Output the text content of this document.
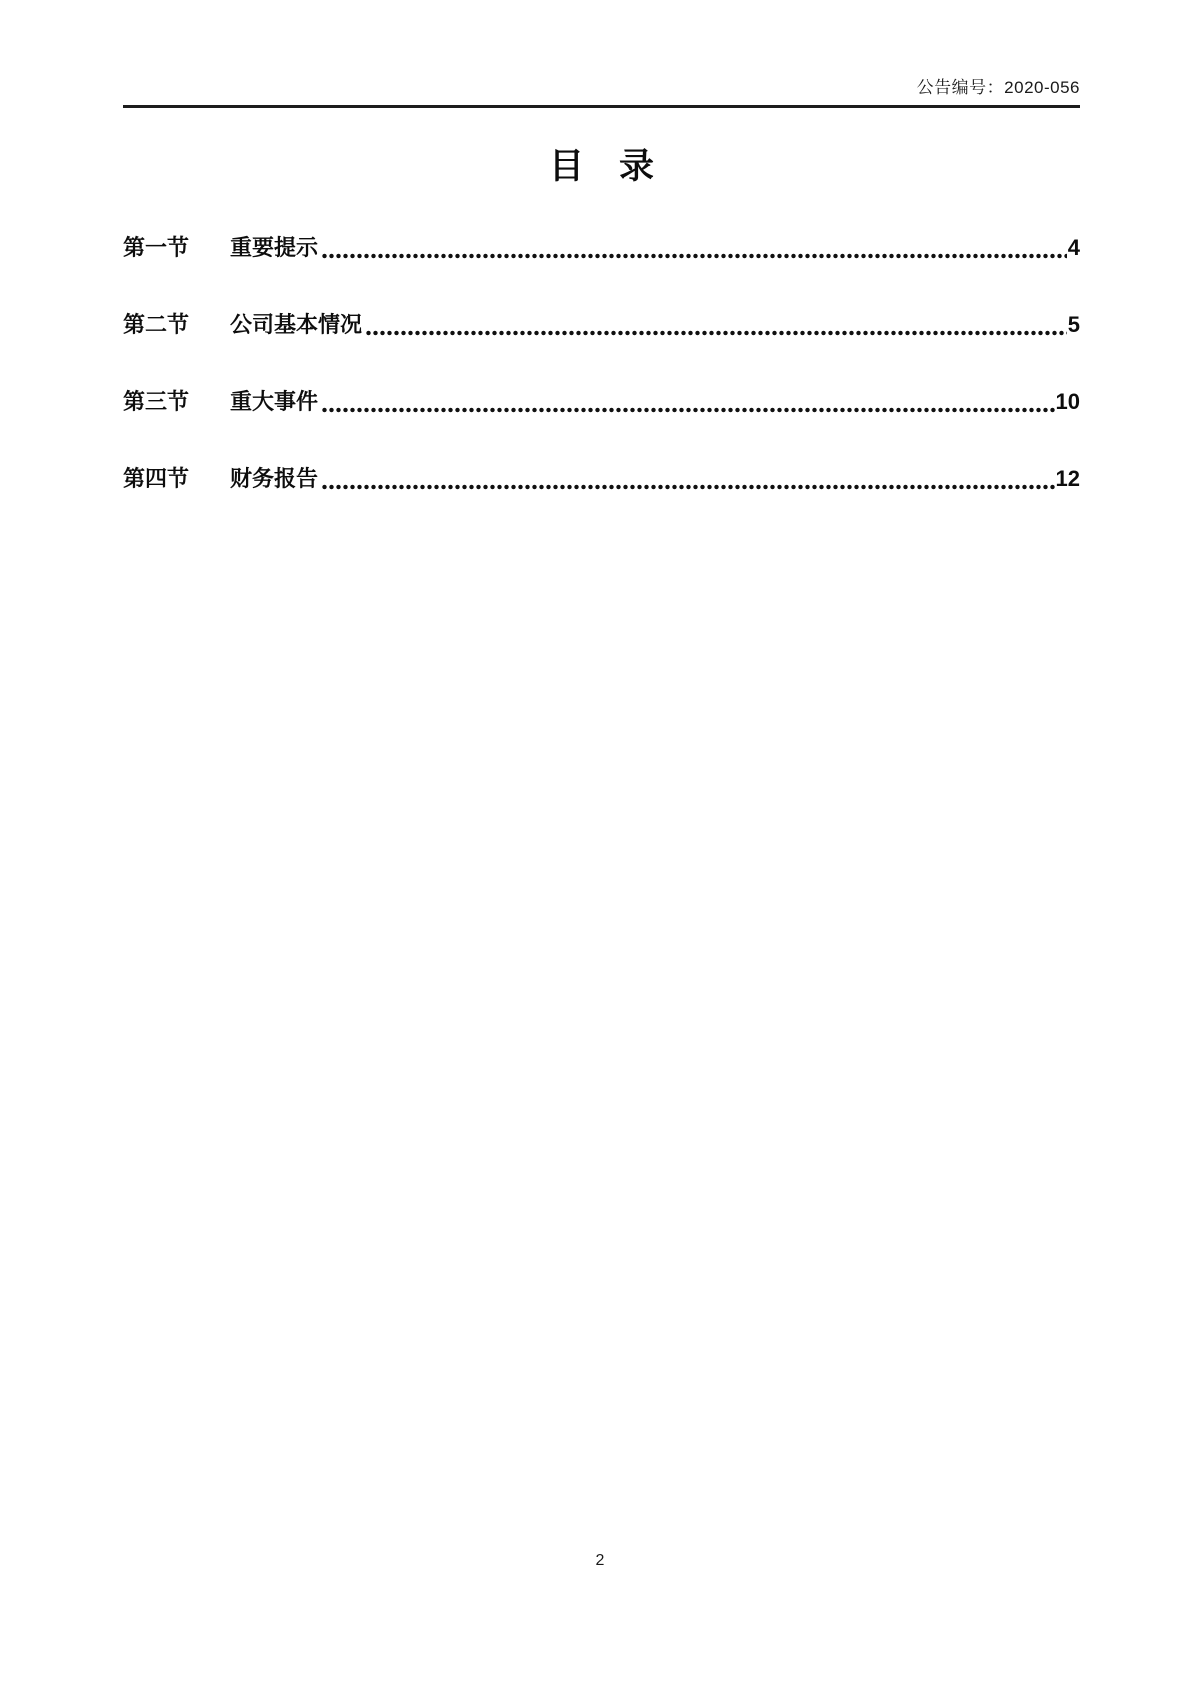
公告编号：2020-056
目　录
第一节	重要提示	4
第二节	公司基本情况	5
第三节	重大事件	10
第四节	财务报告	12
2
